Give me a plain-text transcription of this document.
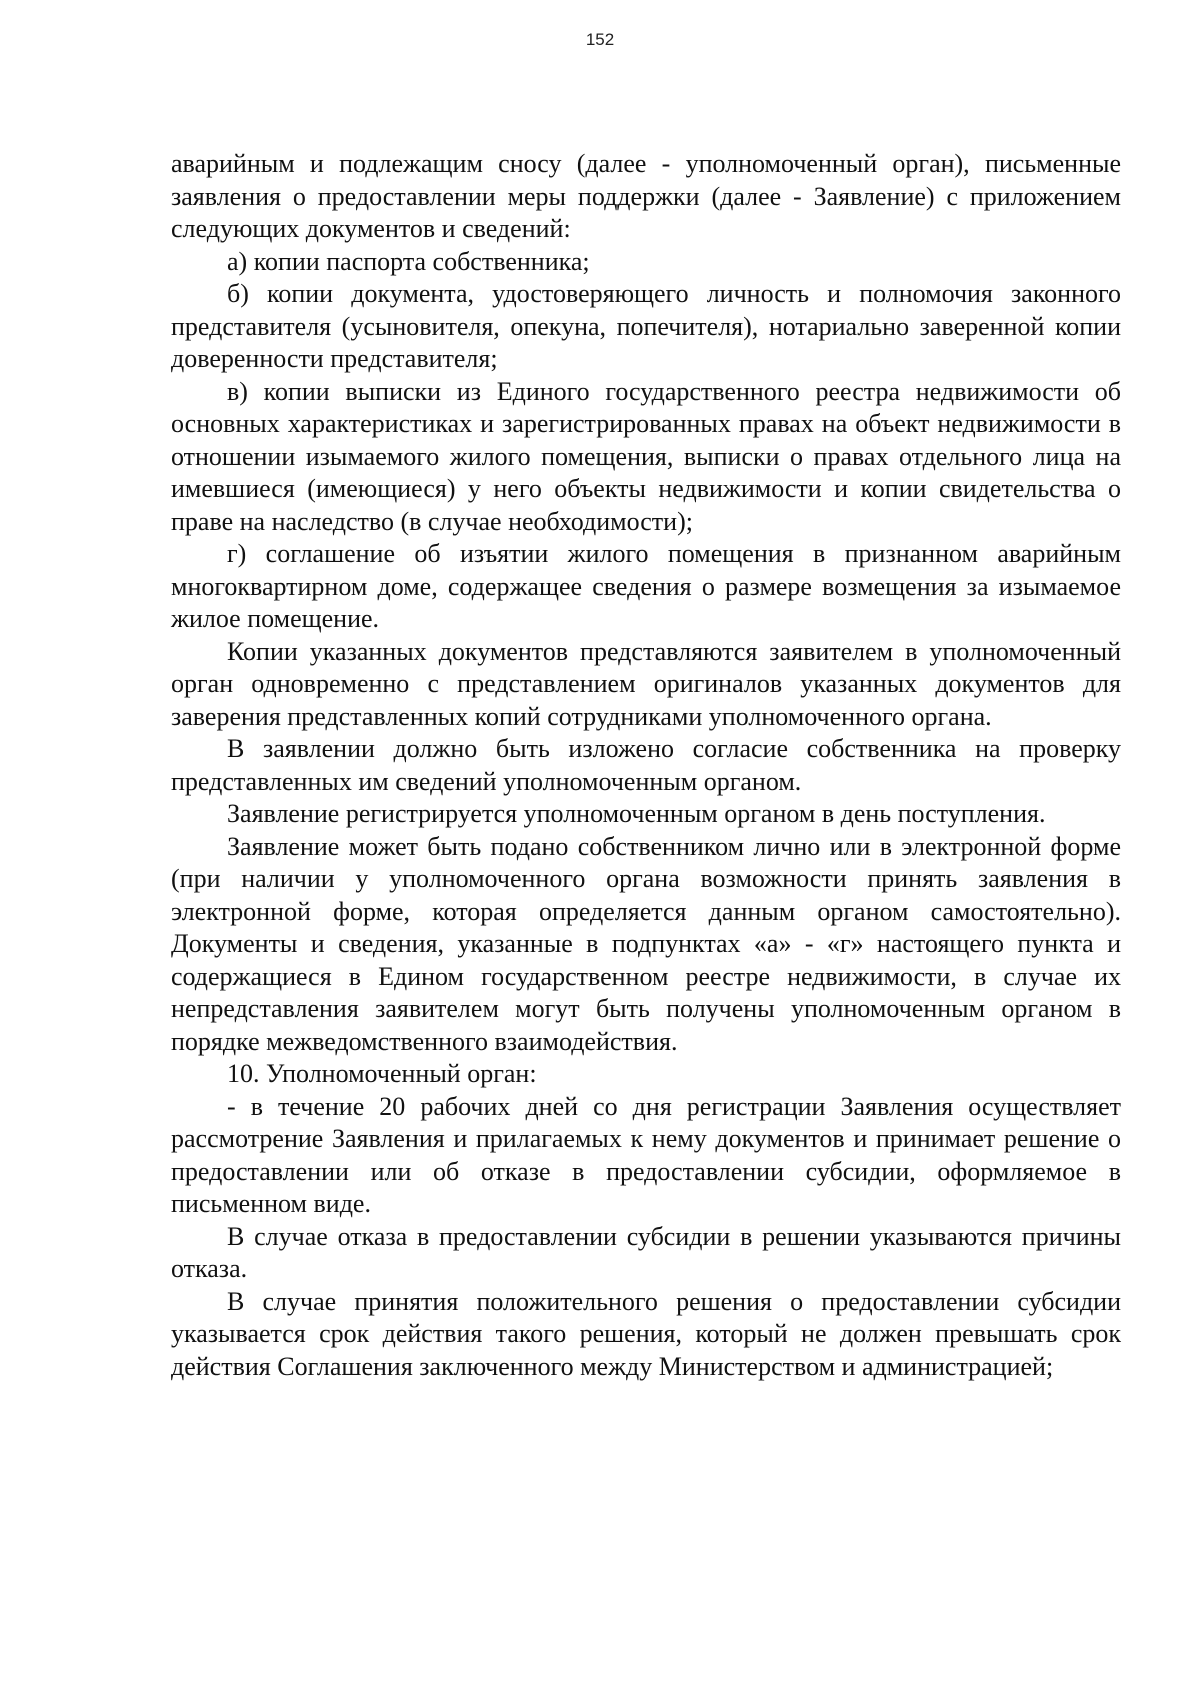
152

аварийным и подлежащим сносу (далее - уполномоченный орган), письменные заявления о предоставлении меры поддержки (далее - Заявление) с приложением следующих документов и сведений:

а) копии паспорта собственника;

б) копии документа, удостоверяющего личность и полномочия законного представителя (усыновителя, опекуна, попечителя), нотариально заверенной копии доверенности представителя;

в) копии выписки из Единого государственного реестра недвижимости об основных характеристиках и зарегистрированных правах на объект недвижимости в отношении изымаемого жилого помещения, выписки о правах отдельного лица на имевшиеся (имеющиеся) у него объекты недвижимости и копии свидетельства о праве на наследство (в случае необходимости);

г) соглашение об изъятии жилого помещения в признанном аварийным многоквартирном доме, содержащее сведения о размере возмещения за изымаемое жилое помещение.

Копии указанных документов представляются заявителем в уполномоченный орган одновременно с представлением оригиналов указанных документов для заверения представленных копий сотрудниками уполномоченного органа.

В заявлении должно быть изложено согласие собственника на проверку представленных им сведений уполномоченным органом.

Заявление регистрируется уполномоченным органом в день поступления.

Заявление может быть подано собственником лично или в электронной форме (при наличии у уполномоченного органа возможности принять заявления в электронной форме, которая определяется данным органом самостоятельно). Документы и сведения, указанные в подпунктах «а» - «г» настоящего пункта и содержащиеся в Едином государственном реестре недвижимости, в случае их непредставления заявителем могут быть получены уполномоченным органом в порядке межведомственного взаимодействия.

10. Уполномоченный орган:

- в течение 20 рабочих дней со дня регистрации Заявления осуществляет рассмотрение Заявления и прилагаемых к нему документов и принимает решение о предоставлении или об отказе в предоставлении субсидии, оформляемое в письменном виде.

В случае отказа в предоставлении субсидии в решении указываются причины отказа.

В случае принятия положительного решения о предоставлении субсидии указывается срок действия такого решения, который не должен превышать срок действия Соглашения заключенного между Министерством и администрацией;
